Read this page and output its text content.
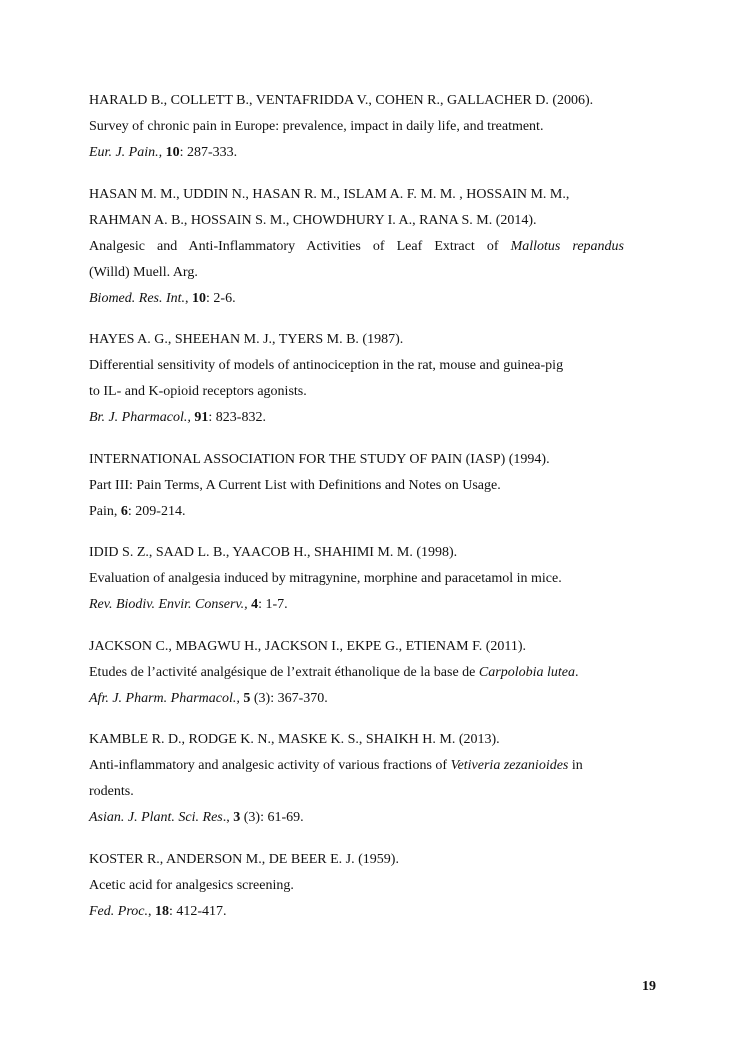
HARALD B., COLLETT B., VENTAFRIDDA V., COHEN R., GALLACHER D. (2006).
Survey of chronic pain in Europe: prevalence, impact in daily life, and treatment.
Eur. J. Pain., 10: 287-333.
HASAN M. M., UDDIN N., HASAN R. M., ISLAM A. F. M. M. , HOSSAIN M. M.,
RAHMAN A. B., HOSSAIN S. M., CHOWDHURY I. A., RANA S. M. (2014).
Analgesic and Anti-Inflammatory Activities of Leaf Extract of Mallotus repandus
(Willd) Muell. Arg.
Biomed. Res. Int., 10: 2-6.
HAYES A. G., SHEEHAN M. J., TYERS M. B. (1987).
Differential sensitivity of models of antinociception in the rat, mouse and guinea-pig
to IL- and K-opioid receptors agonists.
Br. J. Pharmacol., 91: 823-832.
INTERNATIONAL ASSOCIATION FOR THE STUDY OF PAIN (IASP) (1994).
Part III: Pain Terms, A Current List with Definitions and Notes on Usage.
Pain, 6: 209-214.
IDID S. Z., SAAD L. B., YAACOB H., SHAHIMI M. M. (1998).
Evaluation of analgesia induced by mitragynine, morphine and paracetamol in mice.
Rev. Biodiv. Envir. Conserv., 4: 1-7.
JACKSON C., MBAGWU H., JACKSON I., EKPE G., ETIENAM F. (2011).
Etudes de l’activité analgésique de l’extrait éthanolique de la base de Carpolobia lutea.
Afr. J. Pharm. Pharmacol., 5 (3): 367-370.
KAMBLE R. D., RODGE K. N., MASKE K. S., SHAIKH H. M. (2013).
Anti-inflammatory and analgesic activity of various fractions of Vetiveria zezanioides in
rodents.
Asian. J. Plant. Sci. Res., 3 (3): 61-69.
KOSTER R., ANDERSON M., DE BEER E. J. (1959).
Acetic acid for analgesics screening.
Fed. Proc., 18: 412-417.
19
